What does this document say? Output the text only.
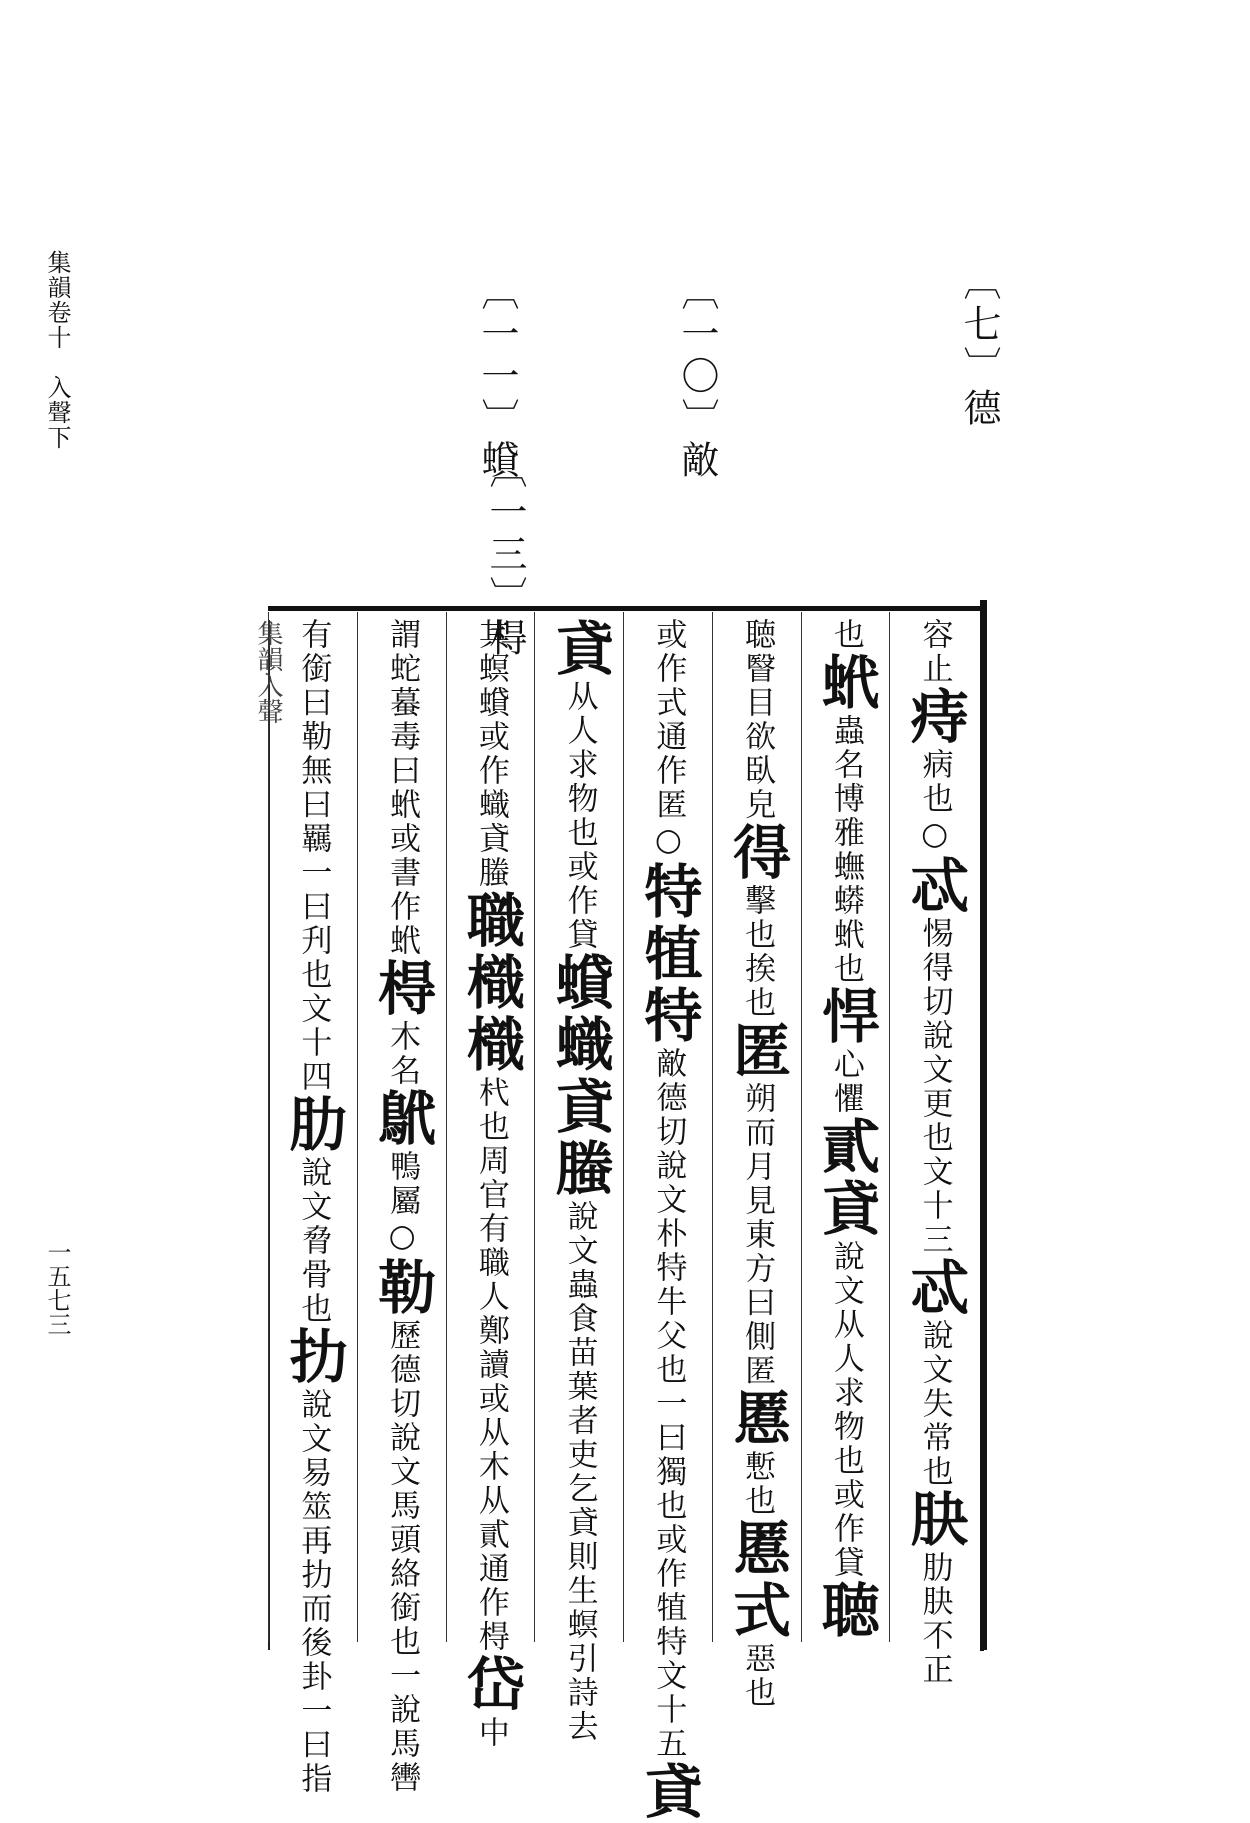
集韻卷十　入聲下
一五七三
〔七〕德
〔一〇〕敵
〔一一〕蟘
〔一三〕棏
集韻入聲	容止痔病也○忒惕得切說文更也文十三忒說文失常也䏐肋䏐不正
也蚮蟲名博雅蟱蟒蚮也悍心懼貳貣說文从人求物也或作貸聴
聴瞖目欲臥皃得擊也挨也匿朔而月見東方曰側匿慝慙也慝式惡也
或作式通作匿○特犆特敵德切說文朴特牛父也一曰獨也或作犆特文十五貣
貣从人求物也或作貸蟘蟙貣螣說文蟲食苗葉者吏乞貣則生螟引詩去
其螟蟘或作蟙貣螣職樴樴杙也周官有職人鄭讀或从木从貳通作棏岱中
謂蛇蟇毒曰蚮或書作蚮棏木名鴏鴨屬○勒歷德切說文馬頭絡銜也一說馬轡
有銜曰勒無曰羈一曰刋也文十四肋說文脅骨也扐說文易筮再扐而後卦一曰指
